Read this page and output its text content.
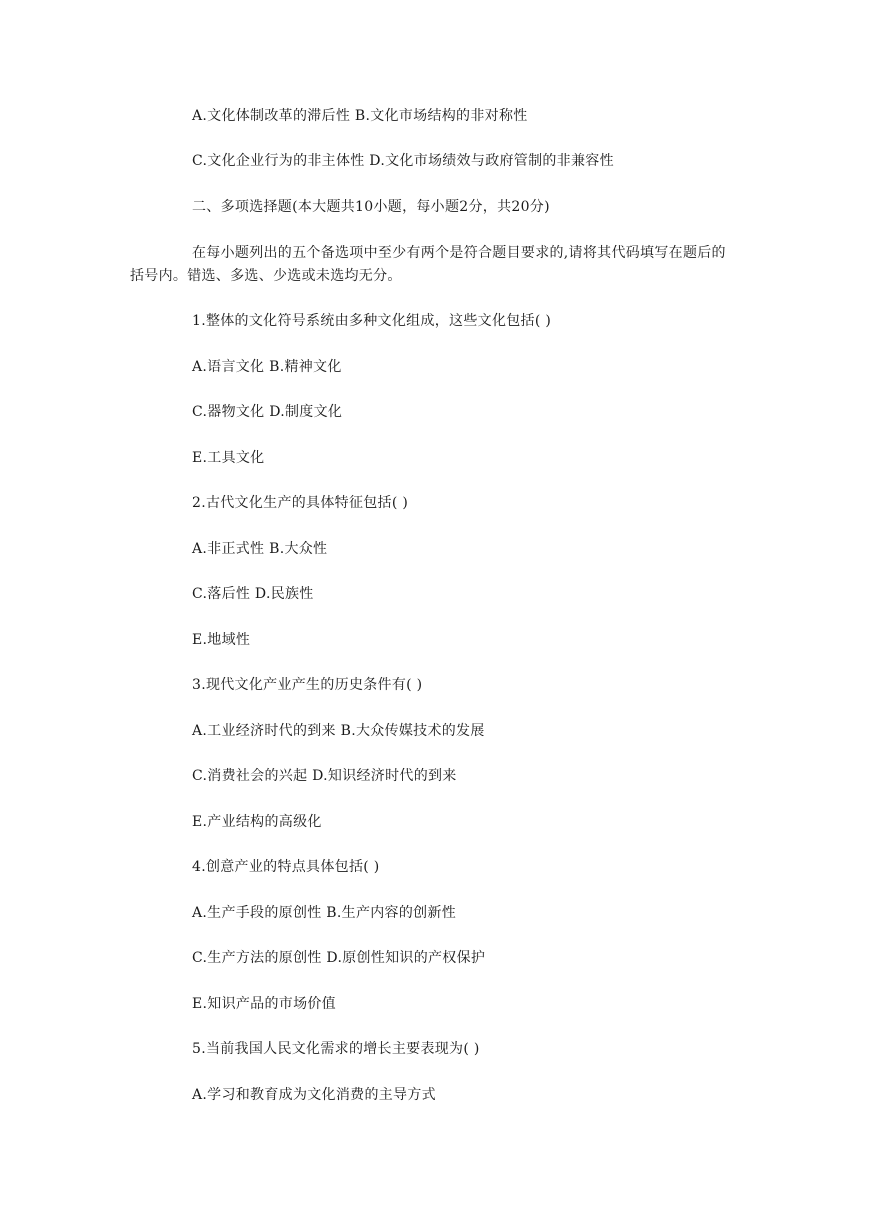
A.文化体制改革的滞后性 B.文化市场结构的非对称性
C.文化企业行为的非主体性 D.文化市场绩效与政府管制的非兼容性
二、多项选择题(本大题共10小题，每小题2分，共20分)
在每小题列出的五个备选项中至少有两个是符合题目要求的,请将其代码填写在题后的括号内。错选、多选、少选或未选均无分。
1.整体的文化符号系统由多种文化组成，这些文化包括( )
A.语言文化 B.精神文化
C.器物文化 D.制度文化
E.工具文化
2.古代文化生产的具体特征包括( )
A.非正式性 B.大众性
C.落后性 D.民族性
E.地域性
3.现代文化产业产生的历史条件有( )
A.工业经济时代的到来 B.大众传媒技术的发展
C.消费社会的兴起 D.知识经济时代的到来
E.产业结构的高级化
4.创意产业的特点具体包括( )
A.生产手段的原创性 B.生产内容的创新性
C.生产方法的原创性 D.原创性知识的产权保护
E.知识产品的市场价值
5.当前我国人民文化需求的增长主要表现为( )
A.学习和教育成为文化消费的主导方式
